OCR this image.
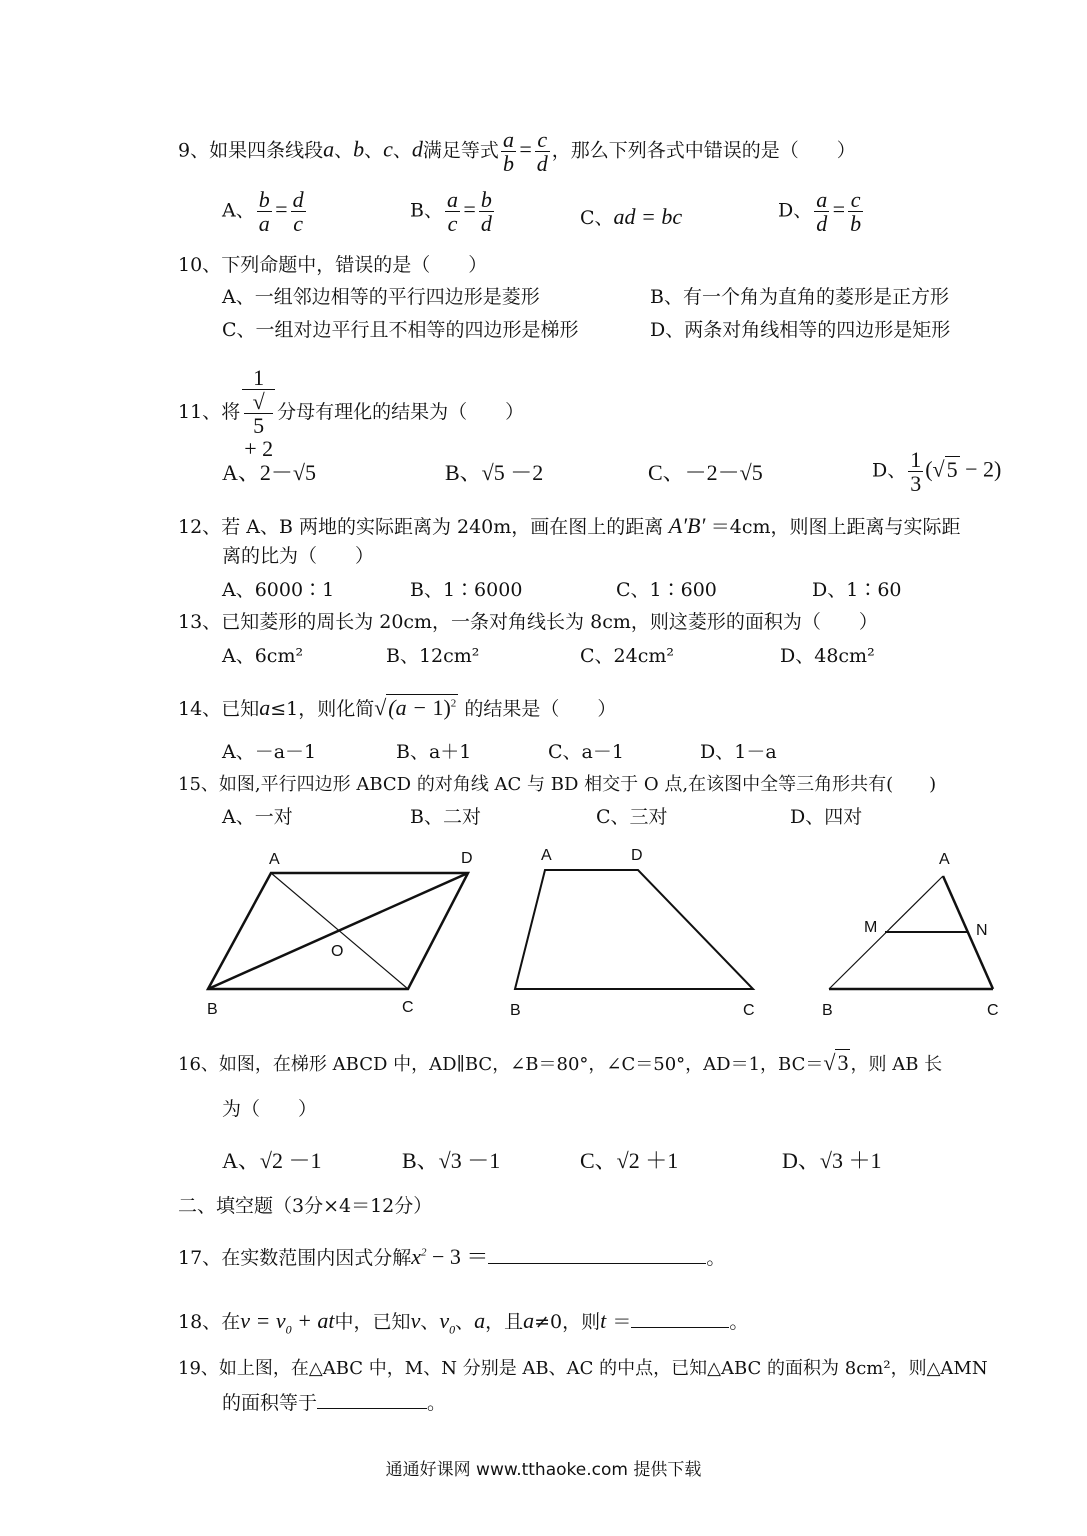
9、如果四条线段a、b、c、d满足等式 $\frac{a}{b} = \frac{c}{d}$ ，那么下列各式中错误的是（　　）
A、 $\frac{b}{a} = \frac{d}{c}$	B、 $\frac{a}{c} = \frac{b}{d}$	C、ad = bc	D、 $\frac{a}{d} = \frac{c}{b}$
10、下列命题中，错误的是（　　）
A、一组邻边相等的平行四边形是菱形	B、有一个角为直角的菱形是正方形
C、一组对边平行且不相等的四边形是梯形	D、两条对角线相等的四边形是矩形
11、将 1
√
5
+ 2 分母有理化的结果为（　　）
A、2－√5	B、√5 －2	C、－2－√5	D、 $\frac{1}{3} (√5 - 2)$
12、若 A、B 两地的实际距离为 240m，画在图上的距离 A′B′ ＝4cm，则图上距离与实际距
离的比为（　　）
A、6000∶1	B、1∶6000	C、1∶600	D、1∶60
13、已知菱形的周长为 20cm，一条对角线长为 8cm，则这菱形的面积为（　　）
A、6cm²	B、12cm²	C、24cm²	D、48cm²
14、已知a≤1，则化简$√(a - 1)^2$ 的结果是（　　）
A、－a－1	B、a＋1	C、a－1	D、1－a
15、如图,平行四边形 ABCD 的对角线 AC 与 BD 相交于 O 点,在该图中全等三角形共有(　　)
A、一对	B、二对	C、三对	D、四对
A	D
B	C
O
A	D
B	C
A
M	N
B	C
16、如图，在梯形 ABCD 中，AD∥BC，∠B＝80°，∠C＝50°，AD＝1，BC＝√3 ，则 AB 长
为（　　）
A、√2 －1	B、√3 －1	C、√2 ＋1	D、√3 ＋1
二、填空题（3分×4＝12分）
17、在实数范围内因式分解$x^2 - 3$ ＝	。
18、在$v = v_0$ + at中，已知v、$v_0$、a，且a≠0，则t ＝	。
19、如上图，在△ABC 中，M、N 分别是 AB、AC 的中点，已知△ABC 的面积为 8cm²，则△AMN
的面积等于	。
通通好课网 www.tthaoke.com 提供下载
